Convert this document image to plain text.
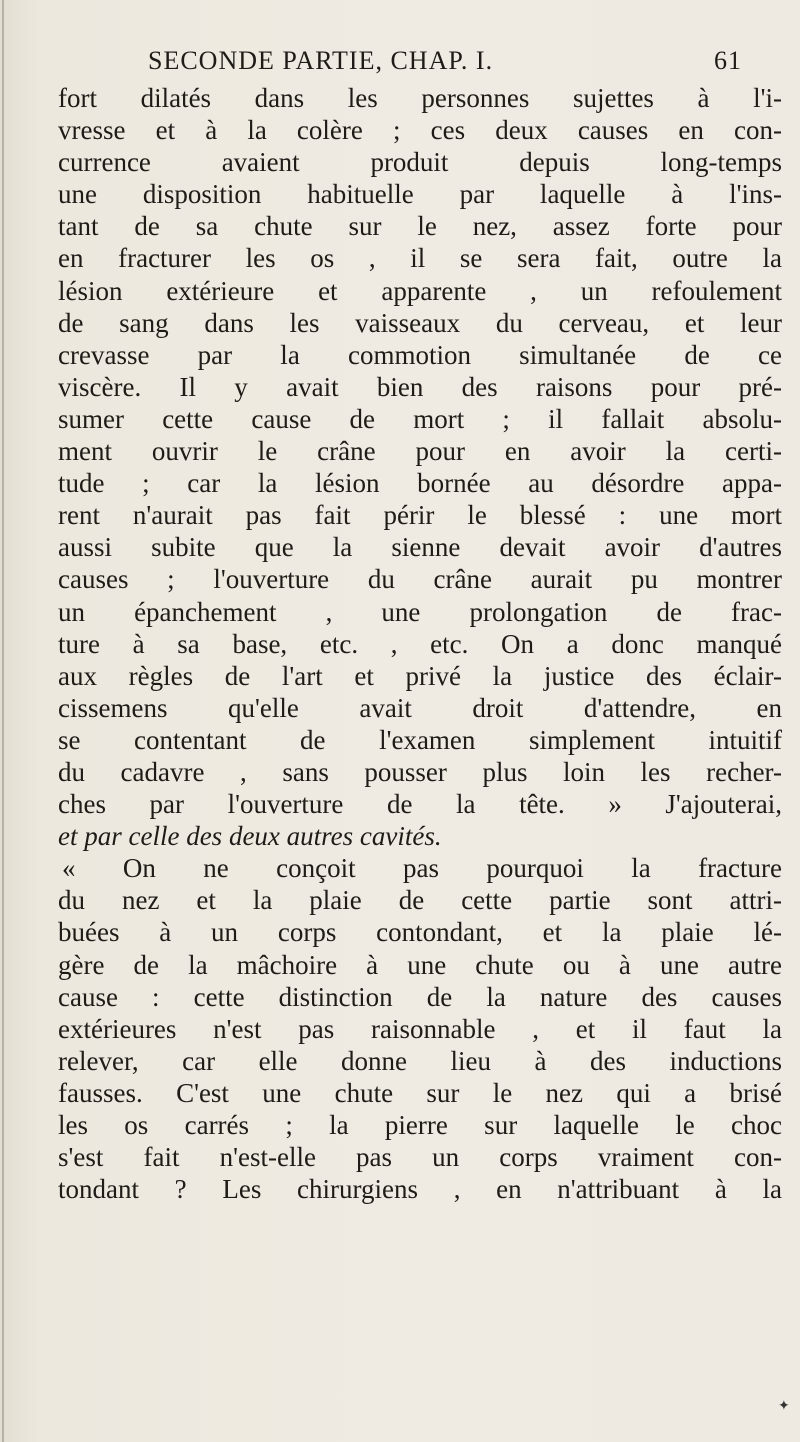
SECONDE PARTIE, CHAP. I.	61
fort dilatés dans les personnes sujettes à l'i-
vresse et à la colère ; ces deux causes en con-
currence avaient produit depuis long-temps
une disposition habituelle par laquelle à l'ins-
tant de sa chute sur le nez, assez forte pour
en fracturer les os , il se sera fait, outre la
lésion extérieure et apparente , un refoulement
de sang dans les vaisseaux du cerveau, et leur
crevasse par la commotion simultanée de ce
viscère. Il y avait bien des raisons pour pré-
sumer cette cause de mort ; il fallait absolu-
ment ouvrir le crâne pour en avoir la certi-
tude ; car la lésion bornée au désordre appa-
rent n'aurait pas fait périr le blessé : une mort
aussi subite que la sienne devait avoir d'autres
causes ; l'ouverture du crâne aurait pu montrer
un épanchement , une prolongation de frac-
ture à sa base, etc. , etc. On a donc manqué
aux règles de l'art et privé la justice des éclair-
cissemens qu'elle avait droit d'attendre, en
se contentant de l'examen simplement intuitif
du cadavre , sans pousser plus loin les recher-
ches par l'ouverture de la tête. » J'ajouterai,
et par celle des deux autres cavités.
« On ne conçoit pas pourquoi la fracture
du nez et la plaie de cette partie sont attri-
buées à un corps contondant, et la plaie lé-
gère de la mâchoire à une chute ou à une autre
cause : cette distinction de la nature des causes
extérieures n'est pas raisonnable , et il faut la
relever, car elle donne lieu à des inductions
fausses. C'est une chute sur le nez qui a brisé
les os carrés ; la pierre sur laquelle le choc
s'est fait n'est-elle pas un corps vraiment con-
tondant ? Les chirurgiens , en n'attribuant à la
✦
